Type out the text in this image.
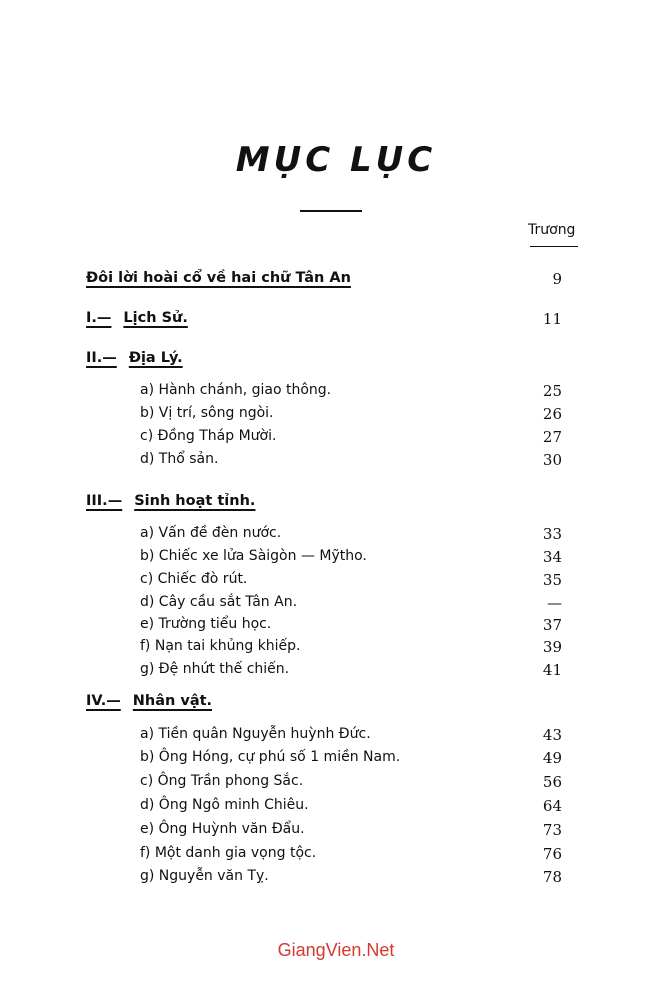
MỤC LỤC
Trương
Đôi lời hoài cổ về hai chữ Tân An	9
I.— Lịch Sử.	11
II.— Địa Lý.
a) Hành chánh, giao thông.	25
b) Vị trí, sông ngòi.	26
c) Đồng Tháp Mười.	27
d) Thổ sản.	30
III.— Sinh hoạt tỉnh.
a) Vấn đề đèn nước.	33
b) Chiếc xe lửa Sàigòn — Mỹtho.	34
c) Chiếc đò rút.	35
d) Cây cầu sắt Tân An.	—
e) Trường tiểu học.	37
f) Nạn tai khủng khiếp.	39
g) Đệ nhứt thế chiến.	41
IV.— Nhân vật.
a) Tiền quân Nguyễn huỳnh Đức.	43
b) Ông Hóng, cự phú số 1 miền Nam.	49
c) Ông Trần phong Sắc.	56
d) Ông Ngô minh Chiêu.	64
e) Ông Huỳnh văn Đẩu.	73
f) Một danh gia vọng tộc.	76
g) Nguyễn văn Tỵ.	78
GiangVien.Net
